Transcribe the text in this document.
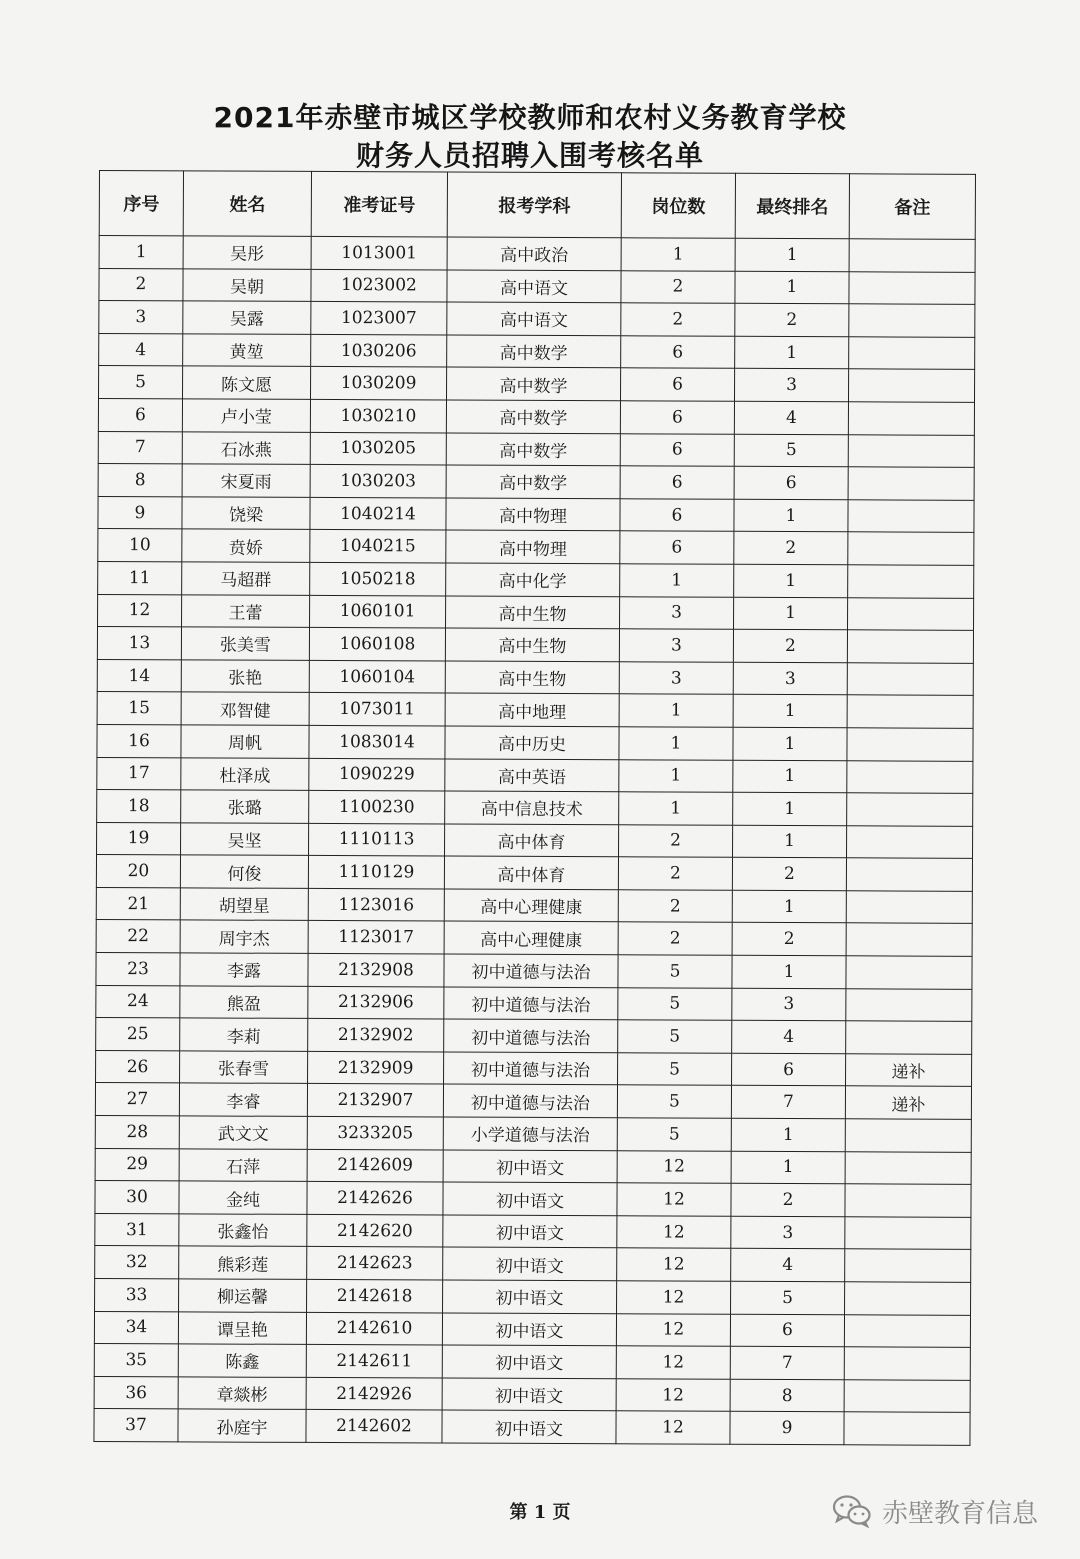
2021年赤壁市城区学校教师和农村义务教育学校
财务人员招聘入围考核名单
序号	姓名	准考证号	报考学科	岗位数	最终排名	备注
1	吴彤	1013001	高中政治	1	1	
2	吴朝	1023002	高中语文	2	1	
3	吴露	1023007	高中语文	2	2	
4	黄堃	1030206	高中数学	6	1	
5	陈文愿	1030209	高中数学	6	3	
6	卢小莹	1030210	高中数学	6	4	
7	石冰燕	1030205	高中数学	6	5	
8	宋夏雨	1030203	高中数学	6	6	
9	饶梁	1040214	高中物理	6	1	
10	贲娇	1040215	高中物理	6	2	
11	马超群	1050218	高中化学	1	1	
12	王蕾	1060101	高中生物	3	1	
13	张美雪	1060108	高中生物	3	2	
14	张艳	1060104	高中生物	3	3	
15	邓智健	1073011	高中地理	1	1	
16	周帆	1083014	高中历史	1	1	
17	杜泽成	1090229	高中英语	1	1	
18	张璐	1100230	高中信息技术	1	1	
19	吴坚	1110113	高中体育	2	1	
20	何俊	1110129	高中体育	2	2	
21	胡望星	1123016	高中心理健康	2	1	
22	周宇杰	1123017	高中心理健康	2	2	
23	李露	2132908	初中道德与法治	5	1	
24	熊盈	2132906	初中道德与法治	5	3	
25	李莉	2132902	初中道德与法治	5	4	
26	张春雪	2132909	初中道德与法治	5	6	递补
27	李睿	2132907	初中道德与法治	5	7	递补
28	武文文	3233205	小学道德与法治	5	1	
29	石萍	2142609	初中语文	12	1	
30	金纯	2142626	初中语文	12	2	
31	张鑫怡	2142620	初中语文	12	3	
32	熊彩莲	2142623	初中语文	12	4	
33	柳运馨	2142618	初中语文	12	5	
34	谭呈艳	2142610	初中语文	12	6	
35	陈鑫	2142611	初中语文	12	7	
36	章燚彬	2142926	初中语文	12	8	
37	孙庭宇	2142602	初中语文	12	9	
第 1 页	赤壁教育信息
